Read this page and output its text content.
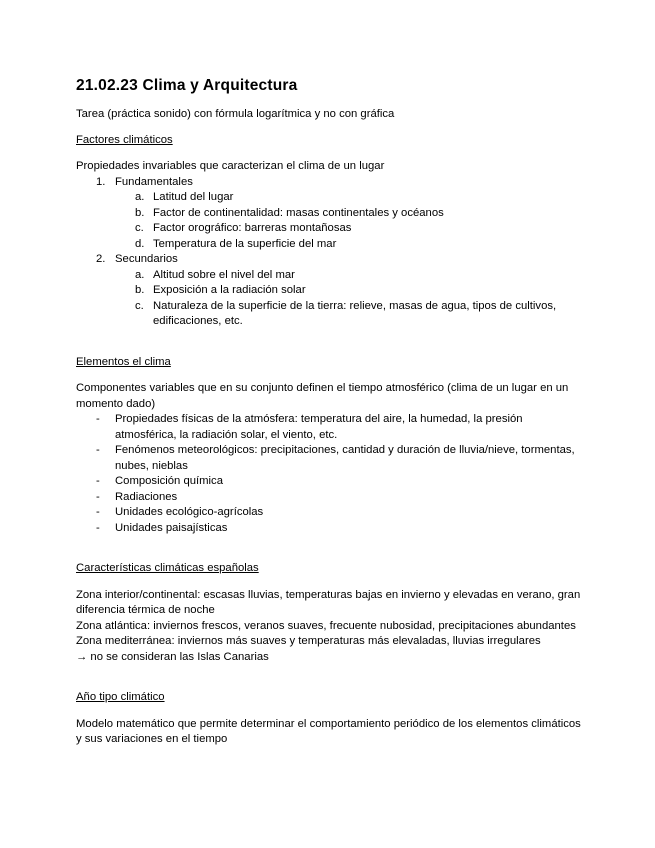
21.02.23 Clima y Arquitectura

Tarea (práctica sonido) con fórmula logarítmica y no con gráfica

Factores climáticos

Propiedades invariables que caracterizan el clima de un lugar

1. Fundamentales
a. Latitud del lugar
b. Factor de continentalidad: masas continentales y océanos
c. Factor orográfico: barreras montañosas
d. Temperatura de la superficie del mar
2. Secundarios
a. Altitud sobre el nivel del mar
b. Exposición a la radiación solar
c. Naturaleza de la superficie de la tierra: relieve, masas de agua, tipos de cultivos, edificaciones, etc.

Elementos el clima

Componentes variables que en su conjunto definen el tiempo atmosférico (clima de un lugar en un momento dado)

- Propiedades físicas de la atmósfera: temperatura del aire, la humedad, la presión atmosférica, la radiación solar, el viento, etc.
- Fenómenos meteorológicos: precipitaciones, cantidad y duración de lluvia/nieve, tormentas, nubes, nieblas
- Composición química
- Radiaciones
- Unidades ecológico-agrícolas
- Unidades paisajísticas

Características climáticas españolas

Zona interior/continental: escasas lluvias, temperaturas bajas en invierno y elevadas en verano, gran diferencia térmica de noche

Zona atlántica: inviernos frescos, veranos suaves, frecuente nubosidad, precipitaciones abundantes

Zona mediterránea: inviernos más suaves y temperaturas más elevaladas, lluvias irregulares

→ no se consideran las Islas Canarias

Año tipo climático

Modelo matemático que permite determinar el comportamiento periódico de los elementos climáticos y sus variaciones en el tiempo
